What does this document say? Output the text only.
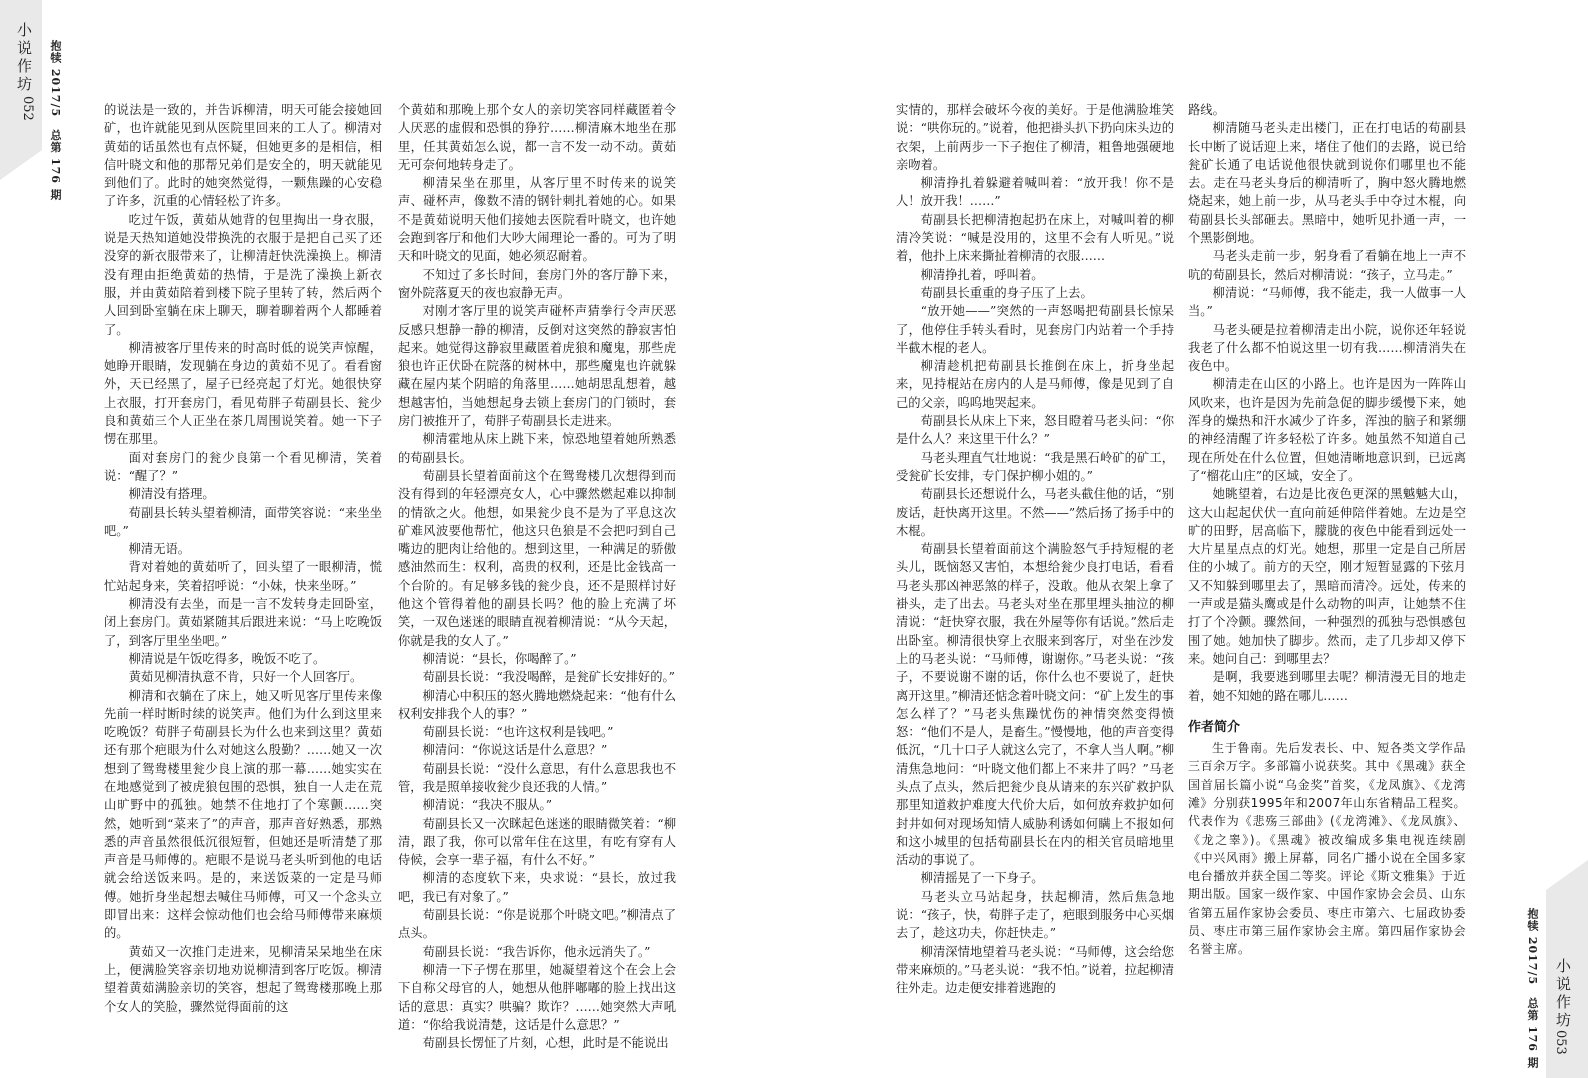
小说作坊
052 抱犊 2017/5　总第 176 期
小说作坊
053
抱犊 2017/5　总第 176 期

的说法是一致的，并告诉柳清，明天可能会接她回矿，也许就能见到从医院里回来的工人了。柳清对黄茹的话虽然也有点怀疑，但她更多的是相信，相信叶晓文和他的那帮兄弟们是安全的，明天就能见到他们了。此时的她突然觉得，一颗焦躁的心安稳了许多，沉重的心情轻松了许多。

吃过午饭，黄茹从她背的包里掏出一身衣服，说是天热知道她没带换洗的衣服于是把自己买了还没穿的新衣服带来了，让柳清赶快洗澡换上。柳清没有理由拒绝黄茹的热情，于是洗了澡换上新衣服，并由黄茹陪着到楼下院子里转了转，然后两个人回到卧室躺在床上聊天，聊着聊着两个人都睡着了。

柳清被客厅里传来的时高时低的说笑声惊醒，她睁开眼睛，发现躺在身边的黄茹不见了。看看窗外，天已经黑了，屋子已经亮起了灯光。她很快穿上衣服，打开套房门，看见荀胖子荀副县长、瓮少良和黄茹三个人正坐在茶几周围说笑着。她一下子愣在那里。

面对套房门的瓮少良第一个看见柳清，笑着说：“醒了？”

柳清没有搭理。

荀副县长转头望着柳清，面带笑容说：“来坐坐吧。”

柳清无语。

背对着她的黄茹听了，回头望了一眼柳清，慌忙站起身来，笑着招呼说：“小妹，快来坐呀。”

柳清没有去坐，而是一言不发转身走回卧室，闭上套房门。黄茹紧随其后跟进来说：“马上吃晚饭了，到客厅里坐坐吧。”

柳清说是午饭吃得多，晚饭不吃了。

黄茹见柳清执意不肯，只好一个人回客厅。

柳清和衣躺在了床上，她又听见客厅里传来像先前一样时断时续的说笑声。他们为什么到这里来吃晚饭？荀胖子荀副县长为什么也来到这里？黄茹还有那个疤眼为什么对她这么殷勤？……她又一次想到了鸳鸯楼里瓮少良上演的那一幕……她实实在在地感觉到了被虎狼包围的恐惧，独自一人走在荒山旷野中的孤独。她禁不住地打了个寒颤……突然，她听到“菜来了”的声音，那声音好熟悉，那熟悉的声音虽然很低沉很短暂，但她还是听清楚了那声音是马师傅的。疤眼不是说马老头听到他的电话就会给送饭来吗。是的，来送饭菜的一定是马师傅。她折身坐起想去喊住马师傅，可又一个念头立即冒出来：这样会惊动他们也会给马师傅带来麻烦的。

黄茹又一次推门走进来，见柳清呆呆地坐在床上，便满脸笑容亲切地劝说柳清到客厅吃饭。柳清望着黄茹满脸亲切的笑容，想起了鸳鸯楼那晚上那个女人的笑脸，骤然觉得面前的这

个黄茹和那晚上那个女人的亲切笑容同样藏匿着令人厌恶的虚假和恐惧的狰狞……柳清麻木地坐在那里，任其黄茹怎么说，都一言不发一动不动。黄茹无可奈何地转身走了。

柳清呆坐在那里，从客厅里不时传来的说笑声、碰杯声，像数不清的钢针刺扎着她的心。如果不是黄茹说明天他们接她去医院看叶晓文，也许她会跑到客厅和他们大吵大闹理论一番的。可为了明天和叶晓文的见面，她必须忍耐着。

不知过了多长时间，套房门外的客厅静下来，窗外院落夏天的夜也寂静无声。

对刚才客厅里的说笑声碰杯声猜拳行令声厌恶反感只想静一静的柳清，反倒对这突然的静寂害怕起来。她觉得这静寂里藏匿着虎狼和魔鬼，那些虎狼也许正伏卧在院落的树林中，那些魔鬼也许就躲藏在屋内某个阴暗的角落里……她胡思乱想着，越想越害怕，当她想起身去锁上套房门的门锁时，套房门被推开了，荀胖子荀副县长走进来。

柳清霍地从床上跳下来，惊恐地望着她所熟悉的荀副县长。

荀副县长望着面前这个在鸳鸯楼几次想得到而没有得到的年轻漂亮女人，心中骤然燃起难以抑制的情欲之火。他想，如果瓮少良不是为了平息这次矿难风波要他帮忙，他这只色狼是不会把叼到自己嘴边的肥肉让给他的。想到这里，一种满足的骄傲感油然而生：权利，高贵的权利，还是比金钱高一个台阶的。有足够多钱的瓮少良，还不是照样讨好他这个管得着他的副县长吗？他的脸上充满了坏笑，一双色迷迷的眼睛直视着柳清说：“从今天起，你就是我的女人了。”

柳清说：“县长，你喝醉了。”

荀副县长说：“我没喝醉，是瓮矿长安排好的。”

柳清心中积压的怒火腾地燃烧起来：“他有什么权利安排我个人的事？”

荀副县长说：“也许这权利是钱吧。”

柳清问：“你说这话是什么意思？”

荀副县长说：“没什么意思，有什么意思我也不管，我是照单接收瓮少良还我的人情。”

柳清说：“我决不服从。”

荀副县长又一次眯起色迷迷的眼睛微笑着：“柳清，跟了我，你可以常年住在这里，有吃有穿有人侍候，会享一辈子福，有什么不好。”

柳清的态度软下来，央求说：“县长，放过我吧，我已有对象了。”

荀副县长说：“你是说那个叶晓文吧。”柳清点了点头。

荀副县长说：“我告诉你，他永远消失了。”

柳清一下子愣在那里，她凝望着这个在会上会下自称父母官的人，她想从他胖嘟嘟的脸上找出这话的意思：真实？哄骗？欺诈？……她突然大声吼道：“你给我说清楚，这话是什么意思？”

荀副县长愣怔了片刻，心想，此时是不能说出

实情的，那样会破坏今夜的美好。于是他满脸堆笑说：“哄你玩的。”说着，他把褂头扒下扔向床头边的衣架，上前两步一下子抱住了柳清，粗鲁地强硬地亲吻着。

柳清挣扎着躲避着喊叫着：“放开我！你不是人！放开我！……”

荀副县长把柳清抱起扔在床上，对喊叫着的柳清冷笑说：“喊是没用的，这里不会有人听见。”说着，他扑上床来撕扯着柳清的衣服……

柳清挣扎着，呼叫着。

荀副县长重重的身子压了上去。

“放开她——”突然的一声怒喝把荀副县长惊呆了，他停住手转头看时，见套房门内站着一个手持半截木棍的老人。

柳清趁机把荀副县长推倒在床上，折身坐起来，见持棍站在房内的人是马师傅，像是见到了自己的父亲，呜呜地哭起来。

荀副县长从床上下来，怒目瞪着马老头问：“你是什么人？来这里干什么？”

马老头理直气壮地说：“我是黑石岭矿的矿工，受瓮矿长安排，专门保护柳小姐的。”

荀副县长还想说什么，马老头截住他的话，“别废话，赶快离开这里。不然——”然后扬了扬手中的木棍。

荀副县长望着面前这个满脸怒气手持短棍的老头儿，既恼怒又害怕，本想给瓮少良打电话，看看马老头那凶神恶煞的样子，没敢。他从衣架上拿了褂头，走了出去。马老头对坐在那里埋头抽泣的柳清说：“赶快穿衣服，我在外屋等你有话说。”然后走出卧室。柳清很快穿上衣服来到客厅，对坐在沙发上的马老头说：“马师傅，谢谢你。”马老头说：“孩子，不要说谢不谢的话，你什么也不要说了，赶快离开这里。”柳清还惦念着叶晓文问：“矿上发生的事怎么样了？”马老头焦躁忧伤的神情突然变得愤怒：“他们不是人，是畜生。”慢慢地，他的声音变得低沉，“几十口子人就这么完了，不拿人当人啊。”柳清焦急地问：“叶晓文他们都上不来井了吗？”马老头点了点头，然后把瓮少良从请来的东兴矿救护队那里知道救护难度大代价大后，如何放弃救护如何封井如何对现场知情人威胁利诱如何瞒上不报如何和这小城里的包括荀副县长在内的相关官员暗地里活动的事说了。

柳清摇晃了一下身子。

马老头立马站起身，扶起柳清，然后焦急地说：“孩子，快，荀胖子走了，疤眼到服务中心买烟去了，趁这功夫，你赶快走。”

柳清深情地望着马老头说：“马师傅，这会给您带来麻烦的。”马老头说：“我不怕。”说着，拉起柳清往外走。边走便安排着逃跑的

路线。

柳清随马老头走出楼门，正在打电话的荀副县长中断了说话迎上来，堵住了他们的去路，说已给瓮矿长通了电话说他很快就到说你们哪里也不能去。走在马老头身后的柳清听了，胸中怒火腾地燃烧起来，她上前一步，从马老头手中夺过木棍，向荀副县长头部砸去。黑暗中，她听见扑通一声，一个黑影倒地。

马老头走前一步，躬身看了看躺在地上一声不吭的荀副县长，然后对柳清说：“孩子，立马走。”

柳清说：“马师傅，我不能走，我一人做事一人当。”

马老头硬是拉着柳清走出小院，说你还年轻说我老了什么都不怕说这里一切有我……柳清消失在夜色中。

柳清走在山区的小路上。也许是因为一阵阵山风吹来，也许是因为先前急促的脚步缓慢下来，她浑身的燥热和汗水减少了许多，浑浊的脑子和紧绷的神经清醒了许多轻松了许多。她虽然不知道自己现在所处在什么位置，但她清晰地意识到，已远离了“榴花山庄”的区域，安全了。

她眺望着，右边是比夜色更深的黑魆魆大山，这大山起起伏伏一直向前延伸陪伴着她。左边是空旷的田野，居高临下，朦胧的夜色中能看到远处一大片星星点点的灯光。她想，那里一定是自己所居住的小城了。前方的天空，刚才短暂显露的下弦月又不知躲到哪里去了，黑暗而清冷。远处，传来的一声或是猫头鹰或是什么动物的叫声，让她禁不住打了个冷颤。骤然间，一种强烈的孤独与恐惧感包围了她。她加快了脚步。然而，走了几步却又停下来。她问自己：到哪里去？

是啊，我要逃到哪里去呢？柳清漫无目的地走着，她不知她的路在哪儿……

作者简介

生于鲁南。先后发表长、中、短各类文学作品三百余万字。多部篇小说获奖。其中《黑魂》获全国首届长篇小说“乌金奖”首奖，《龙凤旗》、《龙湾滩》分别获1995年和2007年山东省精品工程奖。代表作为《悲殇三部曲》(《龙湾滩》、《龙凤旗》、《龙之睾》)。《黑魂》被改编成多集电视连续剧《中兴风雨》搬上屏幕，同名广播小说在全国多家电台播放并获全国二等奖。评论《斯文雅集》于近期出版。国家一级作家、中国作家协会会员、山东省第五届作家协会委员、枣庄市第六、七届政协委员、枣庄市第三届作家协会主席。第四届作家协会名誉主席。
